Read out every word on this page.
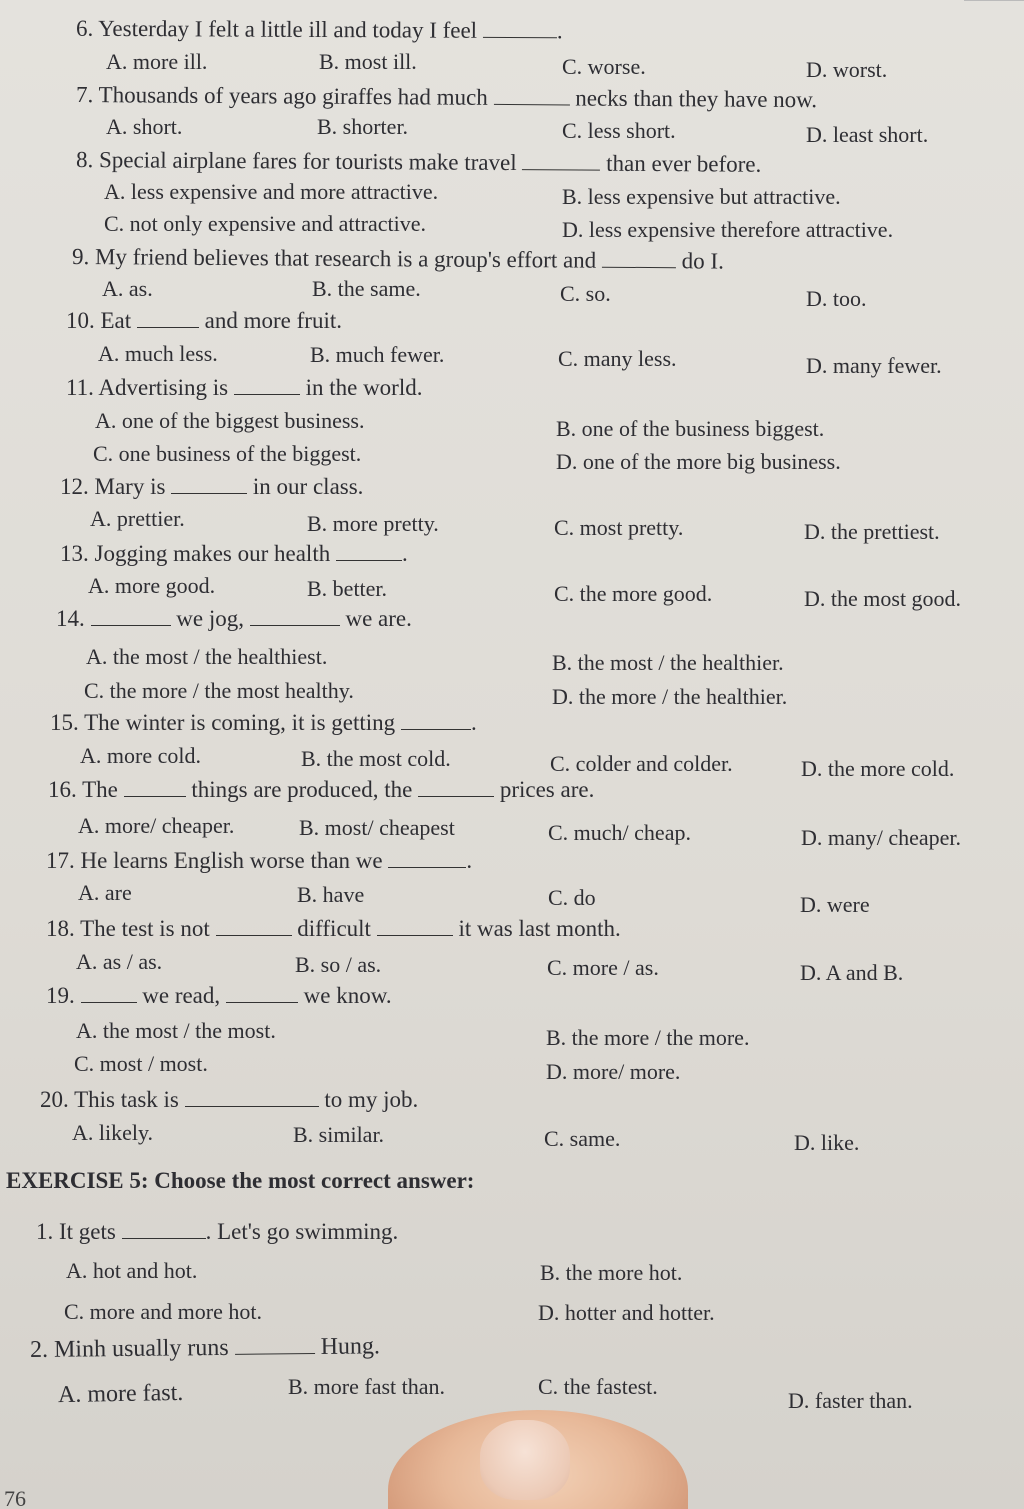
6. Yesterday I felt a little ill and today I feel	.
A. more ill.	B. most ill.	C. worse.	D. worst.
7. Thousands of years ago giraffes had much	necks than they have now.
A. short.	B. shorter.	C. less short.	D. least short.
8. Special airplane fares for tourists make travel	than ever before.
A. less expensive and more attractive.	B. less expensive but attractive.
C. not only expensive and attractive.	D. less expensive therefore attractive.
9. My friend believes that research is a group's effort and	do I.
A. as.	B. the same.	C. so.	D. too.
10. Eat	and more fruit.
A. much less.	B. much fewer.	C. many less.	D. many fewer.
11. Advertising is	in the world.
A. one of the biggest business.	B. one of the business biggest.
C. one business of the biggest.	D. one of the more big business.
12. Mary is	in our class.
A. prettier.	B. more pretty.	C. most pretty.	D. the prettiest.
13. Jogging makes our health	.
A. more good.	B. better.	C. the more good.	D. the most good.
14.	we jog,	we are.
A. the most / the healthiest.	B. the most / the healthier.
C. the more / the most healthy.	D. the more / the healthier.
15. The winter is coming, it is getting	.
A. more cold.	B. the most cold.	C. colder and colder.	D. the more cold.
16. The	things are produced, the	prices are.
A. more/ cheaper.	B. most/ cheapest	C. much/ cheap.	D. many/ cheaper.
17. He learns English worse than we	.
A. are	B. have	C. do	D. were
18. The test is not	difficult	it was last month.
A. as / as.	B. so / as.	C. more / as.	D. A and B.
19.  we read,	we know.
A. the most / the most.	B. the more / the more.
C. most / most.	D. more/ more.
20. This task is	to my job.
A. likely.	B. similar.	C. same.	D. like.
EXERCISE 5: Choose the most correct answer:
1. It gets	. Let's go swimming.
A. hot and hot.	B. the more hot.
C. more and more hot.	D. hotter and hotter.
2. Minh usually runs	Hung.
A. more fast.	B. more fast than.	C. the fastest.
D. faster than.
76
